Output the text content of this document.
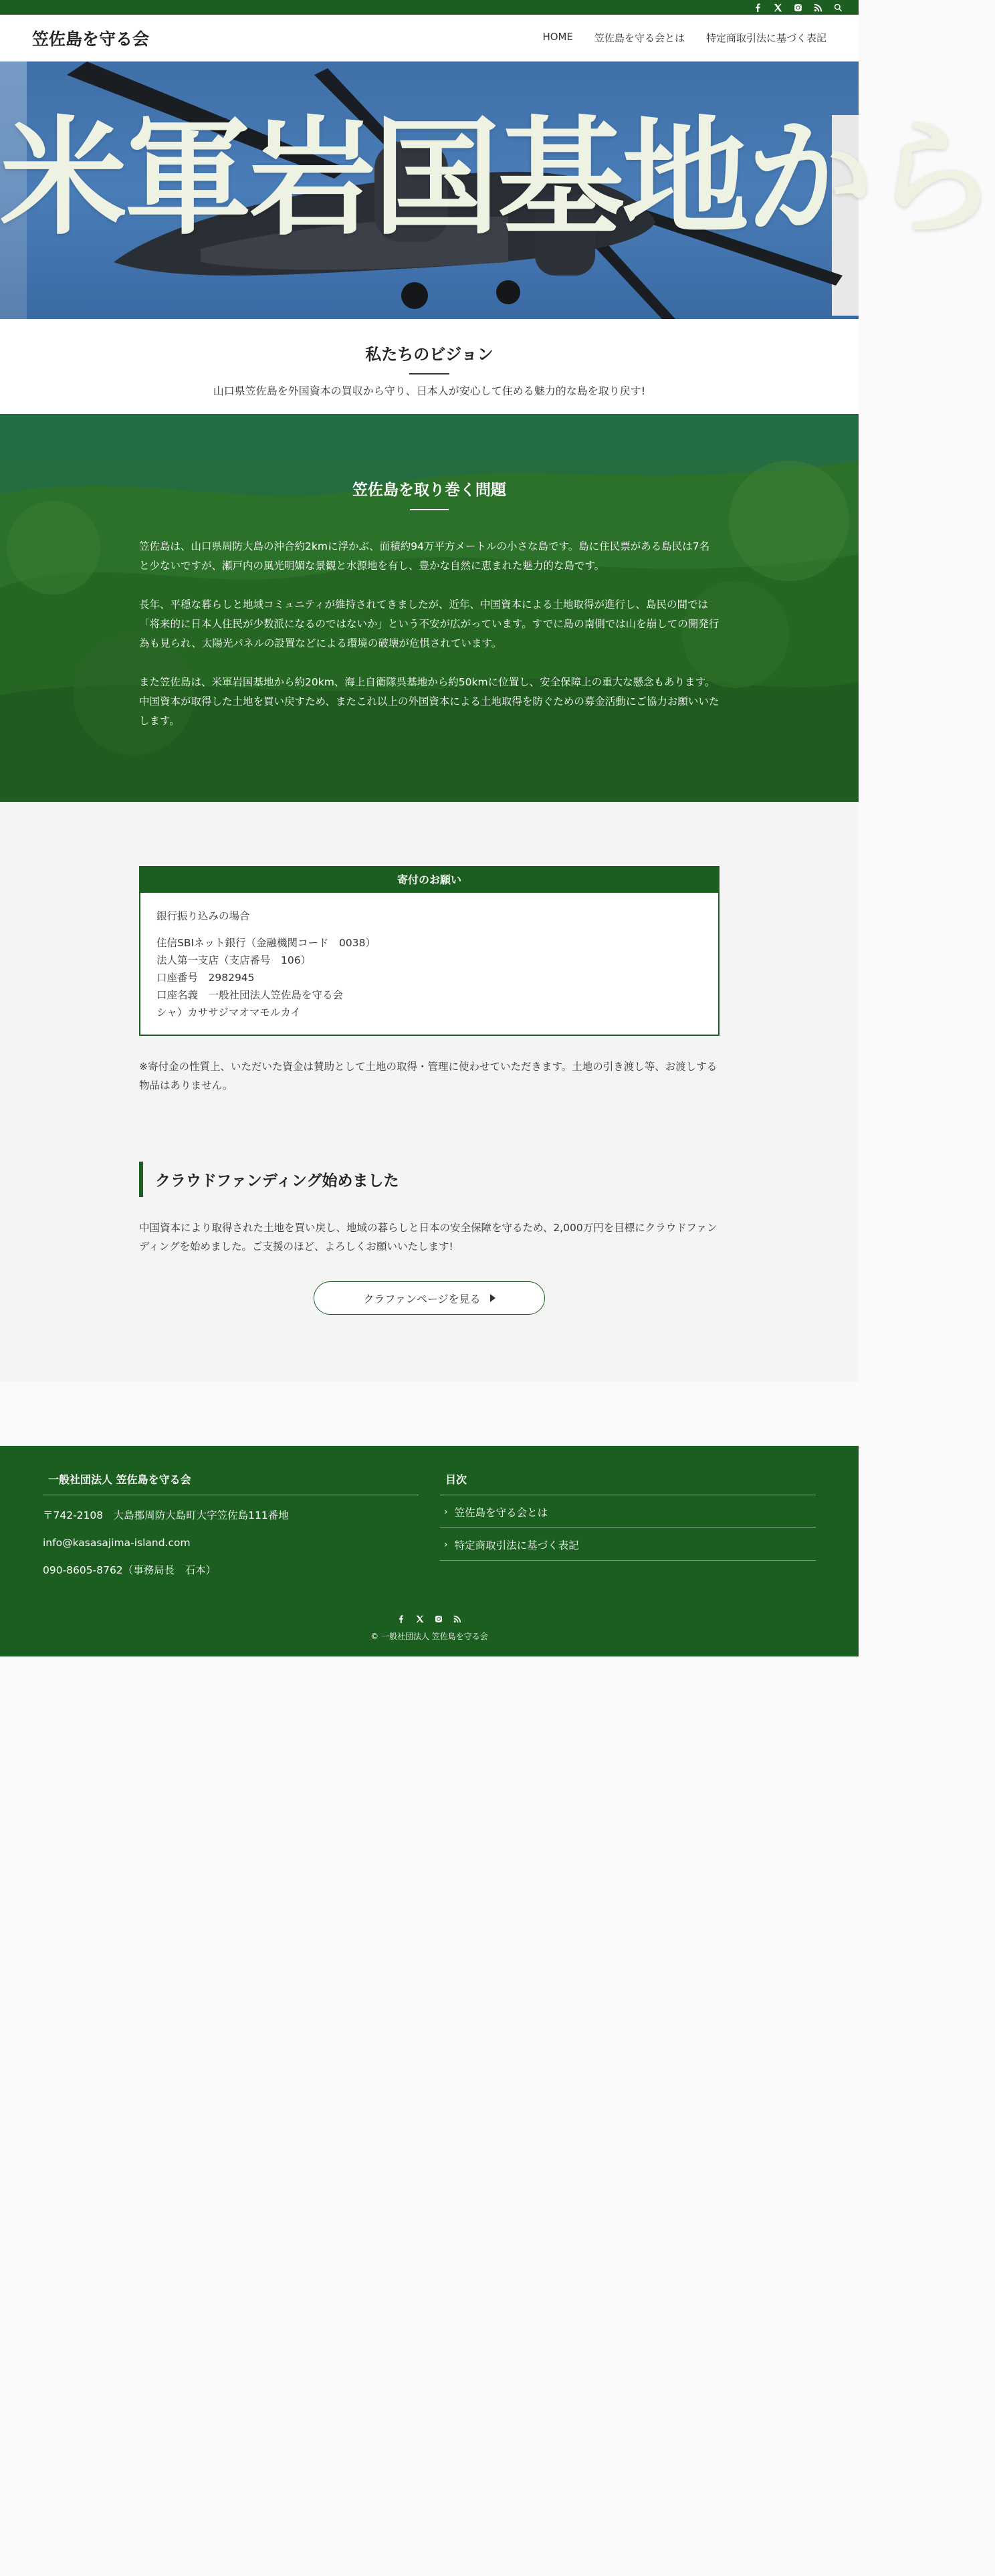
笠佐島を守る会	HOME 笠佐島を守る会とは 特定商取引法に基づく表記
米軍岩国基地から
私たちのビジョン

山口県笠佐島を外国資本の買収から守り、日本人が安心して住める魅力的な島を取り戻す!

笠佐島を取り巻く問題

笠佐島は、山口県周防大島の沖合約2kmに浮かぶ、面積約94万平方メートルの小さな島です。島に住民票がある島民は7名と少ないですが、瀬戸内の風光明媚な景観と水源地を有し、豊かな自然に恵まれた魅力的な島です。

長年、平穏な暮らしと地域コミュニティが維持されてきましたが、近年、中国資本による土地取得が進行し、島民の間では「将来的に日本人住民が少数派になるのではないか」という不安が広がっています。すでに島の南側では山を崩しての開発行為も見られ、太陽光パネルの設置などによる環境の破壊が危惧されています。

また笠佐島は、米軍岩国基地から約20km、海上自衛隊呉基地から約50kmに位置し、安全保障上の重大な懸念もあります。中国資本が取得した土地を買い戻すため、またこれ以上の外国資本による土地取得を防ぐための募金活動にご協力お願いいたします。

寄付のお願い
銀行振り込みの場合
住信SBIネット銀行（金融機関コード　0038）
法人第一支店（支店番号　106）
口座番号　2982945
口座名義　一般社団法人笠佐島を守る会
シャ）カササジマオマモルカイ

※寄付金の性質上、いただいた資金は賛助として土地の取得・管理に使わせていただきます。土地の引き渡し等、お渡しする物品はありません。

クラウドファンディング始めました

中国資本により取得された土地を買い戻し、地域の暮らしと日本の安全保障を守るため、2,000万円を目標にクラウドファンディングを始めました。ご支援のほど、よろしくお願いいたします!

クラファンページを見る
一般社団法人 笠佐島を守る会
〒742-2108　大島郡周防大島町大字笠佐島111番地
info@kasasajima-island.com
090-8605-8762（事務局長　石本）
目次
› 笠佐島を守る会とは
› 特定商取引法に基づく表記
© 一般社団法人 笠佐島を守る会
